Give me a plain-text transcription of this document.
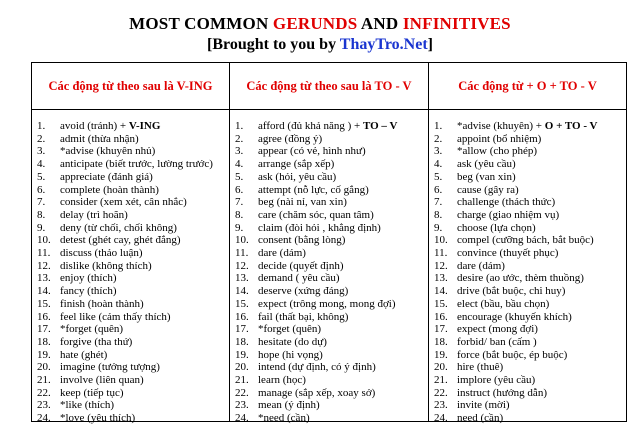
MOST COMMON GERUNDS AND INFINITIVES
[Brought to you by ThayTro.Net]
Các động từ theo sau là V-ING
1. avoid (tránh) + V-ING
2. admit (thừa nhận)
3. *advise (khuyên nhủ)
4. anticipate (biết trước, lường trước)
5. appreciate (đánh giá)
6. complete (hoàn thành)
7. consider (xem xét, cân nhắc)
8. delay (trì hoãn)
9. deny (từ chối, chối không)
10. detest (ghét cay, ghét đắng)
11. discuss (thảo luận)
12. dislike (không thích)
13. enjoy (thích)
14. fancy (thích)
15. finish (hoàn thành)
16. feel like (cảm thấy thích)
17. *forget (quên)
18. forgive (tha thứ)
19. hate (ghét)
20. imagine (tưởng tượng)
21. involve (liên quan)
22. keep (tiếp tục)
23. *like (thích)
24. *love (yêu thích)
Các động từ theo sau là TO - V
1. afford (đủ khả năng ) + TO – V
2. agree (đồng ý)
3. appear (có vẻ, hình như)
4. arrange (sắp xếp)
5. ask (hỏi, yêu cầu)
6. attempt (nỗ lực, cố gắng)
7. beg (nài nỉ, van xin)
8. care (chăm sóc, quan tâm)
9. claim (đòi hỏi , khẳng định)
10. consent (bằng lòng)
11. dare (dám)
12. decide (quyết định)
13. demand ( yêu cầu)
14. deserve (xứng đáng)
15. expect (trông mong, mong đợi)
16. fail (thất bại, không)
17. *forget (quên)
18. hesitate (do dự)
19. hope (hi vọng)
20. intend (dự định, có ý định)
21. learn (học)
22. manage (sắp xếp, xoay sở)
23. mean (ý định)
24. *need (cần)
Các động từ + O + TO - V
1. *advise (khuyên) + O + TO - V
2. appoint (bổ nhiệm)
3. *allow (cho phép)
4. ask (yêu cầu)
5. beg (van xin)
6. cause (gây ra)
7. challenge (thách thức)
8. charge (giao nhiệm vụ)
9. choose (lựa chọn)
10. compel (cưỡng bách, bắt buộc)
11. convince (thuyết phục)
12. dare (dám)
13. desire (ao ước, thèm thuồng)
14. drive (bắt buộc, chi huy)
15. elect (bầu, bầu chọn)
16. encourage (khuyến khích)
17. expect (mong đợi)
18. forbid/ ban (cấm )
19. force (bắt buộc, ép buộc)
20. hire (thuê)
21. implore (yêu cầu)
22. instruct (hướng dẫn)
23. invite (mời)
24. need (cần)
